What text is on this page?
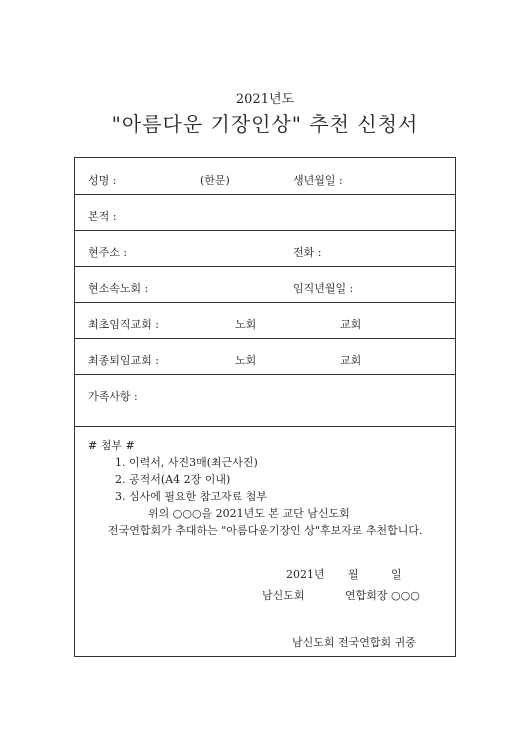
2021년도
"아름다운 기장인상" 추천 신청서
성명 :	(한문)	생년월일 :
본적 :
현주소 :	전화 :
현소속노회 :	임직년월일 :
최초임직교회 :	노회	교회
최종퇴임교회 :	노회	교회
가족사항 :
# 첨부 #
1. 이력서, 사진3매(최근사진)
2. 공적서(A4 2장 이내)
3. 심사에 필요한 참고자료 첨부
위의 ○○○을 2021년도 본 교단 남신도회
전국연합회가 추대하는 "아름다운기장인 상"후보자로 추천합니다.
2021년 월	일
남신도회	연합회장 ○○○
남신도회 전국연합회 귀중
